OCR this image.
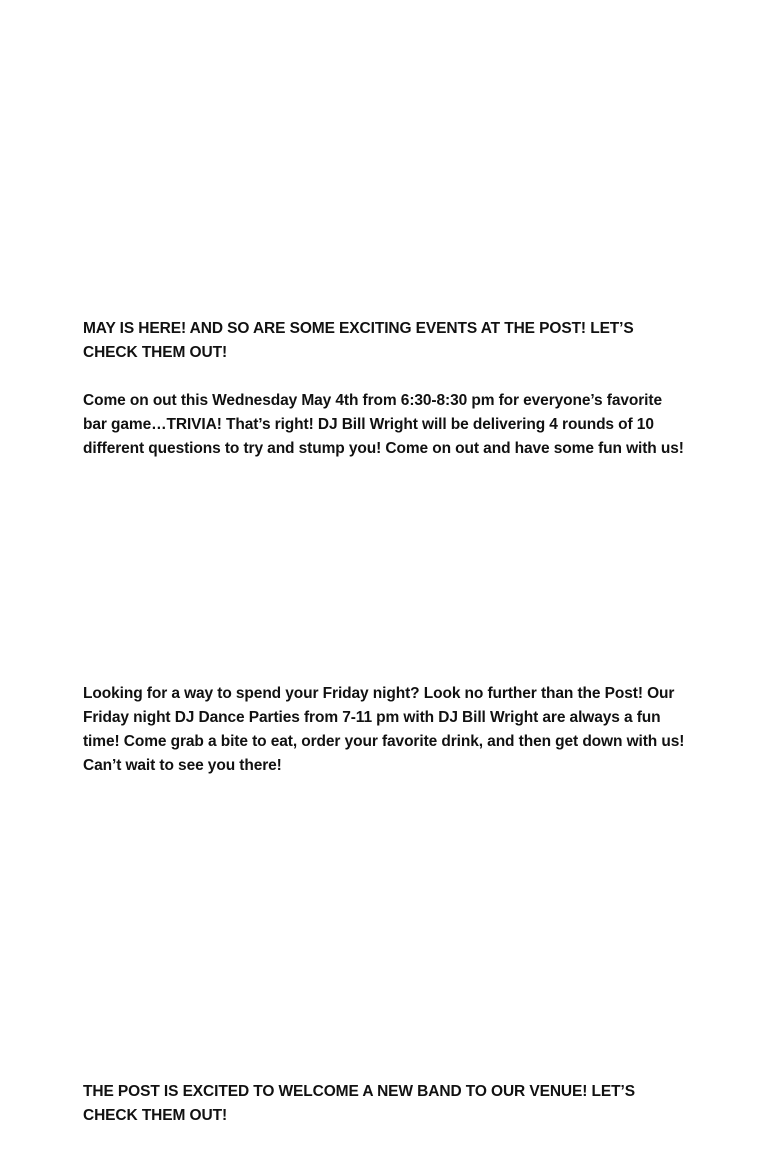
MAY IS HERE! AND SO ARE SOME EXCITING EVENTS AT THE POST! LET’S CHECK THEM OUT!

Come on out this Wednesday May 4th from 6:30-8:30 pm for everyone’s favorite bar game…TRIVIA! That’s right! DJ Bill Wright will be delivering 4 rounds of 10 different questions to try and stump you! Come on out and have some fun with us!

Looking for a way to spend your Friday night? Look no further than the Post! Our Friday night DJ Dance Parties from 7-11 pm with DJ Bill Wright are always a fun time! Come grab a bite to eat, order your favorite drink, and then get down with us! Can’t wait to see you there!

THE POST IS EXCITED TO WELCOME A NEW BAND TO OUR VENUE! LET’S CHECK THEM OUT!
